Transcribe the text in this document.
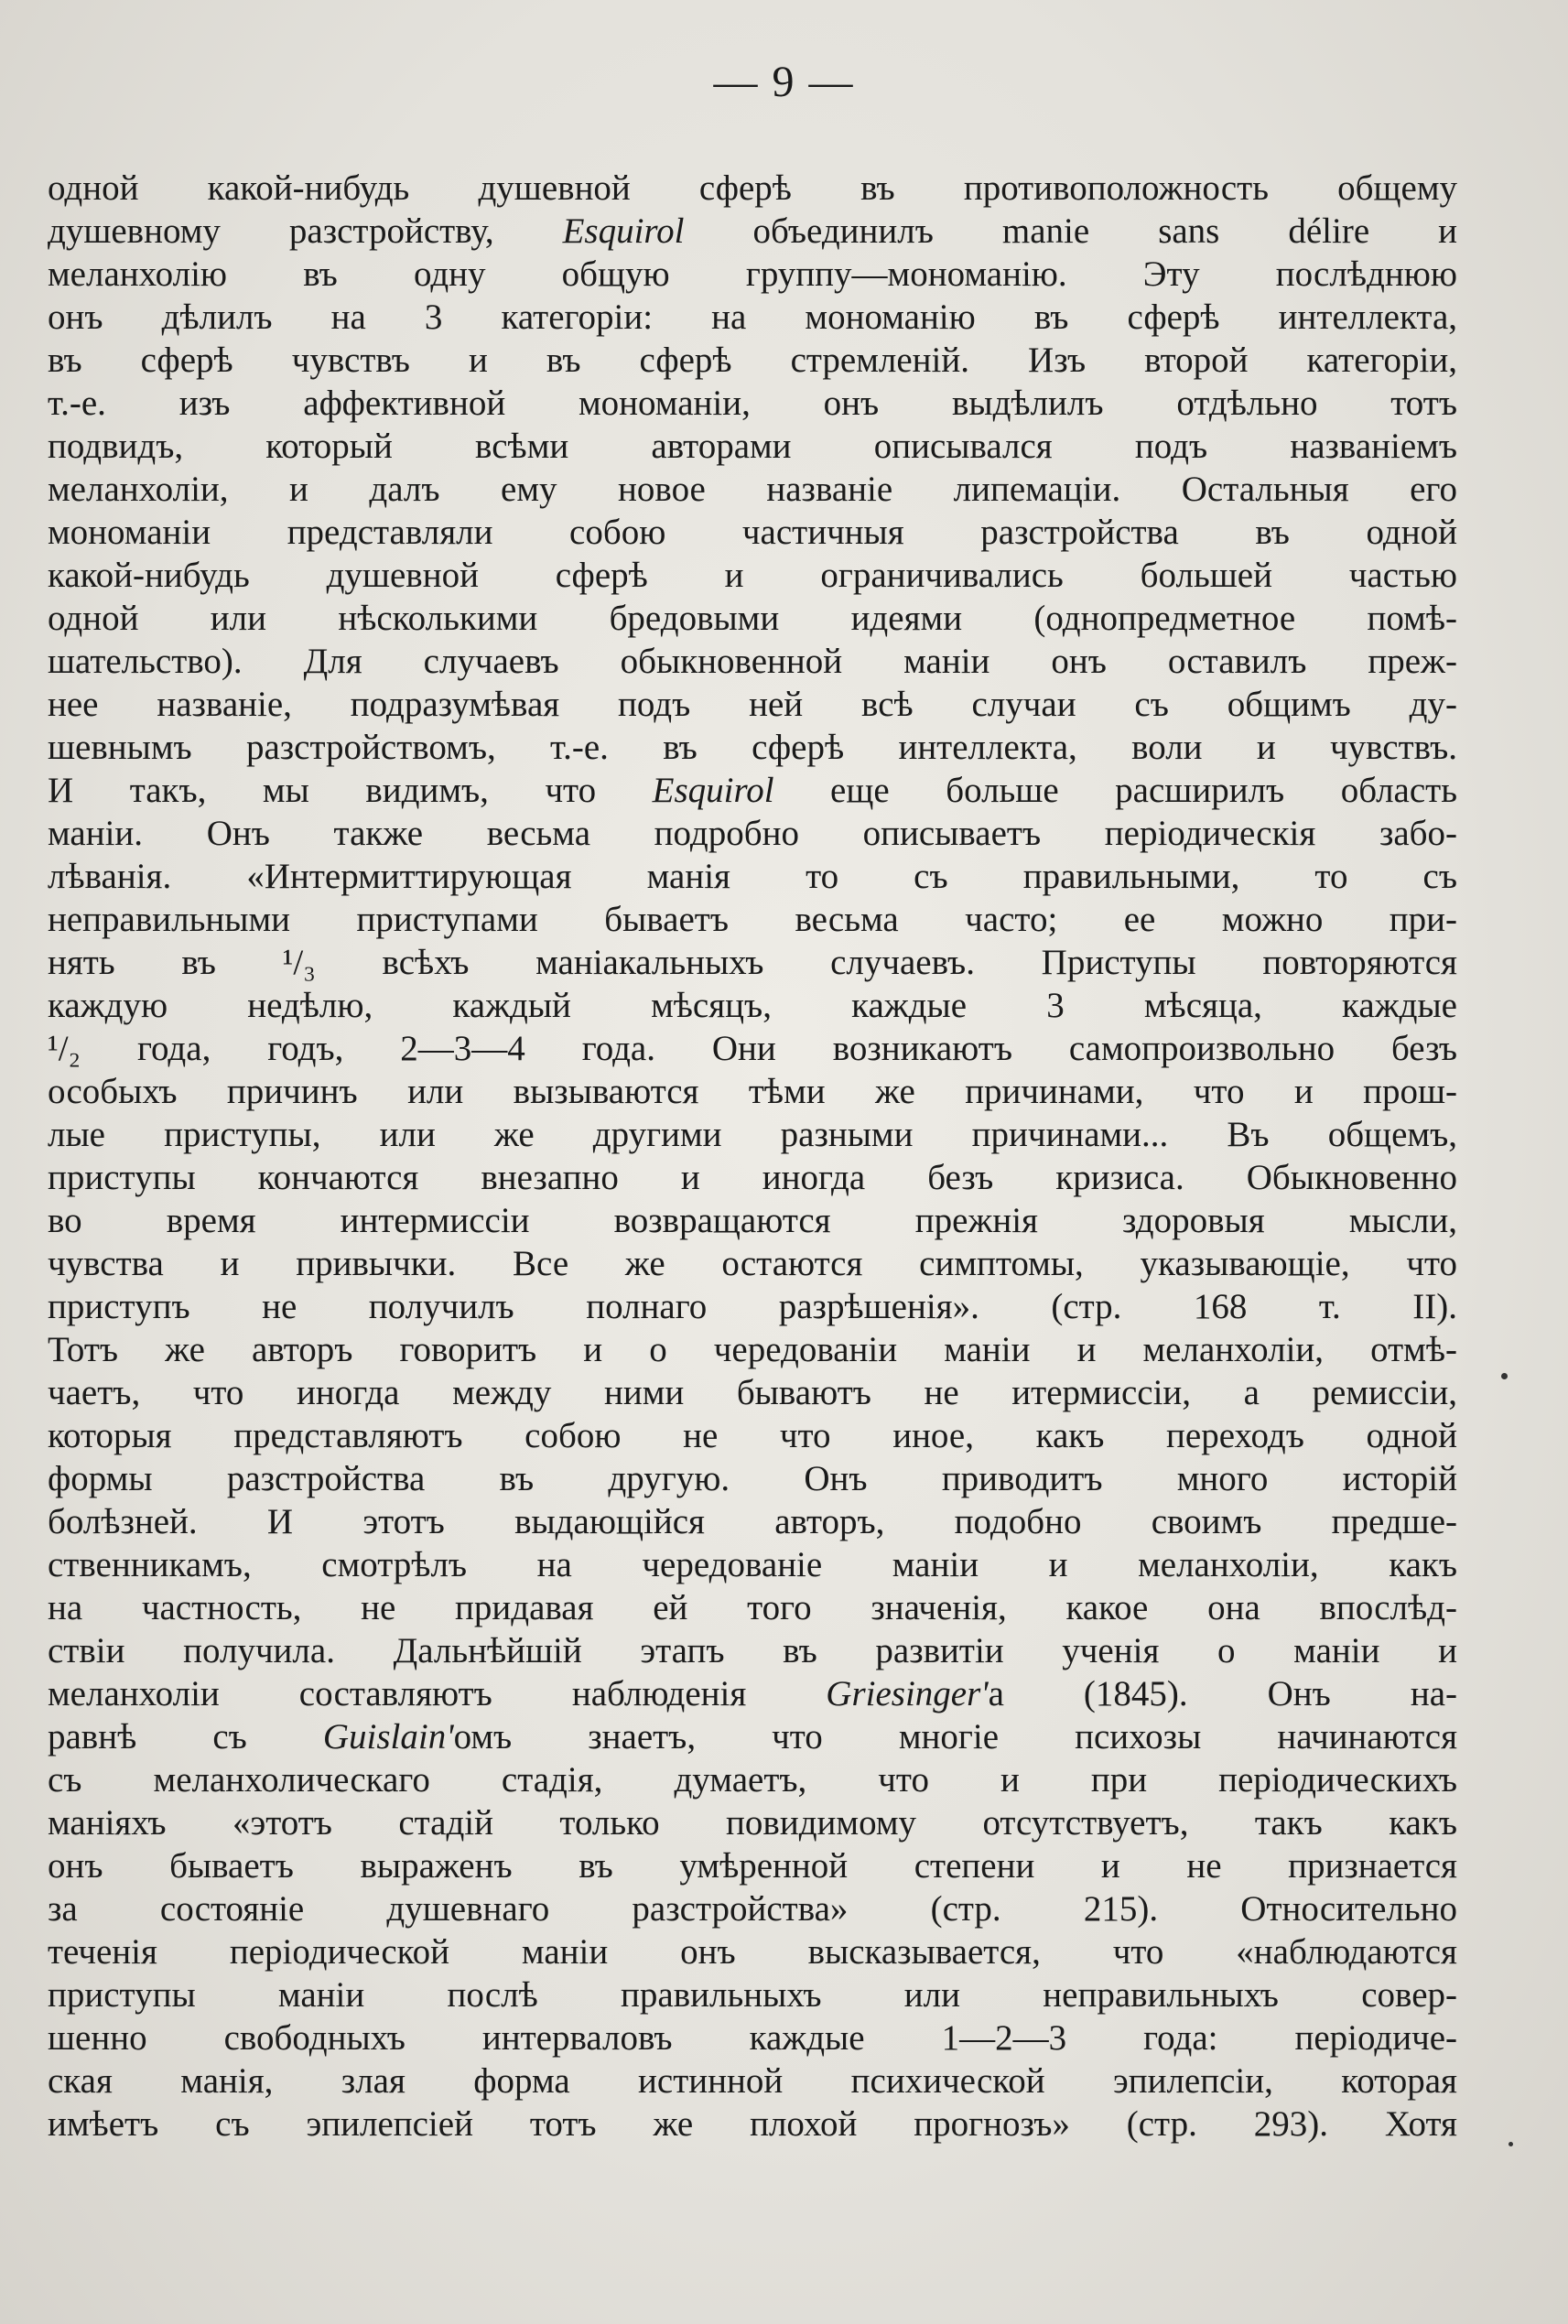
— 9 —
одной какой-нибудь душевной сферѣ въ противоположность общему
душевному разстройству, Esquirol объединилъ manie sans délire и
меланхолію въ одну общую группу—мономанію. Эту послѣднюю
онъ дѣлилъ на 3 категоріи: на мономанію въ сферѣ интеллекта,
въ сферѣ чувствъ и въ сферѣ стремленій. Изъ второй категоріи,
т.-е. изъ аффективной мономаніи, онъ выдѣлилъ отдѣльно тотъ
подвидъ, который всѣми авторами описывался подъ названіемъ
меланхоліи, и далъ ему новое названіе липемаціи. Остальныя его
мономаніи представляли собою частичныя разстройства въ одной
какой-нибудь душевной сферѣ и ограничивались большей частью
одной или нѣсколькими бредовыми идеями (однопредметное помѣ-
шательство). Для случаевъ обыкновенной маніи онъ оставилъ преж-
нее названіе, подразумѣвая подъ ней всѣ случаи съ общимъ ду-
шевнымъ разстройствомъ, т.-е. въ сферѣ интеллекта, воли и чувствъ.
И такъ, мы видимъ, что Esquirol еще больше расширилъ область
маніи. Онъ также весьма подробно описываетъ періодическія забо-
лѣванія. «Интермиттирующая манія то съ правильными, то съ
неправильными приступами бываетъ весьма часто; ее можно при-
нять въ ¹/₃ всѣхъ маніакальныхъ случаевъ. Приступы повторяются
каждую недѣлю, каждый мѣсяцъ, каждые 3 мѣсяца, каждые
¹/₂ года, годъ, 2—3—4 года. Они возникаютъ самопроизвольно безъ
особыхъ причинъ или вызываются тѣми же причинами, что и прош-
лые приступы, или же другими разными причинами... Въ общемъ,
приступы кончаются внезапно и иногда безъ кризиса. Обыкновенно
во время интермиссіи возвращаются прежнія здоровыя мысли,
чувства и привычки. Все же остаются симптомы, указывающіе, что
приступъ не получилъ полнаго разрѣшенія». (стр. 168 т. II).
Тотъ же авторъ говоритъ и о чередованіи маніи и меланхоліи, отмѣ-
чаетъ, что иногда между ними бываютъ не итермиссіи, а ремиссіи,
которыя представляютъ собою не что иное, какъ переходъ одной
формы разстройства въ другую. Онъ приводитъ много исторій
болѣзней. И этотъ выдающійся авторъ, подобно своимъ предше-
ственникамъ, смотрѣлъ на чередованіе маніи и меланхоліи, какъ
на частность, не придавая ей того значенія, какое она впослѣд-
ствіи получила. Дальнѣйшій этапъ въ развитіи ученія о маніи и
меланхоліи составляютъ наблюденія Griesinger'а (1845). Онъ на-
равнѣ съ Guislain'омъ знаетъ, что многіе психозы начинаются
съ меланхолическаго стадія, думаетъ, что и при періодическихъ
маніяхъ «этотъ стадій только повидимому отсутствуетъ, такъ какъ
онъ бываетъ выраженъ въ умѣренной степени и не признается
за состояніе душевнаго разстройства» (стр. 215). Относительно
теченія періодической маніи онъ высказывается, что «наблюдаются
приступы маніи послѣ правильныхъ или неправильныхъ совер-
шенно свободныхъ интерваловъ каждые 1—2—3 года: періодиче-
ская манія, злая форма истинной психической эпилепсіи, которая
имѣетъ съ эпилепсіей тотъ же плохой прогнозъ» (стр. 293). Хотя
